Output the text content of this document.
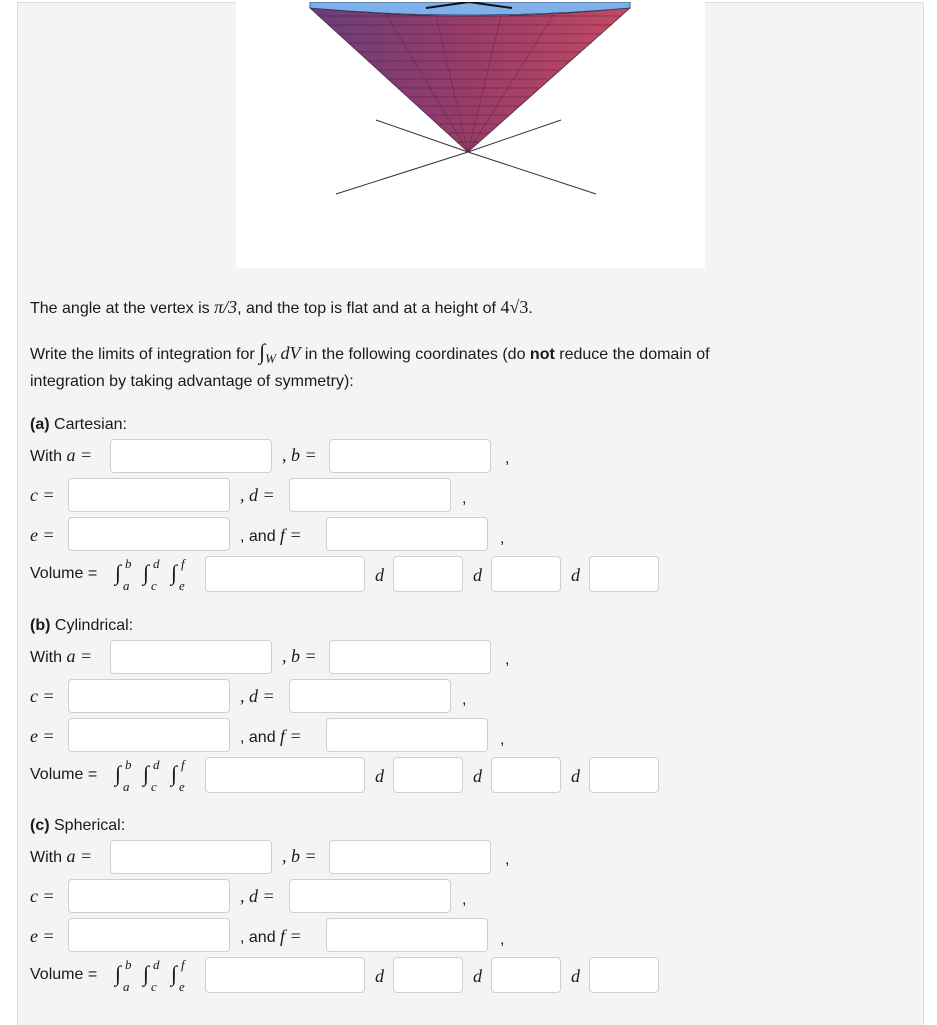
The angle at the vertex is π/3, and the top is flat and at a height of 4√3.
Write the limits of integration for $\int_W$ dV in the following coordinates (do not reduce the domain of
integration by taking advantage of symmetry):
(a) Cartesian:
With a =	, b =	,
c =	, d =	,
e =	, and f =	,
Volume = ∫ b
a
∫ d
c
∫ f
e
d	d	d
(b) Cylindrical:
With a =	, b =	,
c =	, d =	,
e =	, and f =	,
Volume = ∫ b
a
∫ d
c
∫ f
e
d	d	d
(c) Spherical:
With a =	, b =	,
c =	, d =	,
e =	, and f =	,
Volume = ∫ b
a
∫ d
c
∫ f
e
d	d	d
